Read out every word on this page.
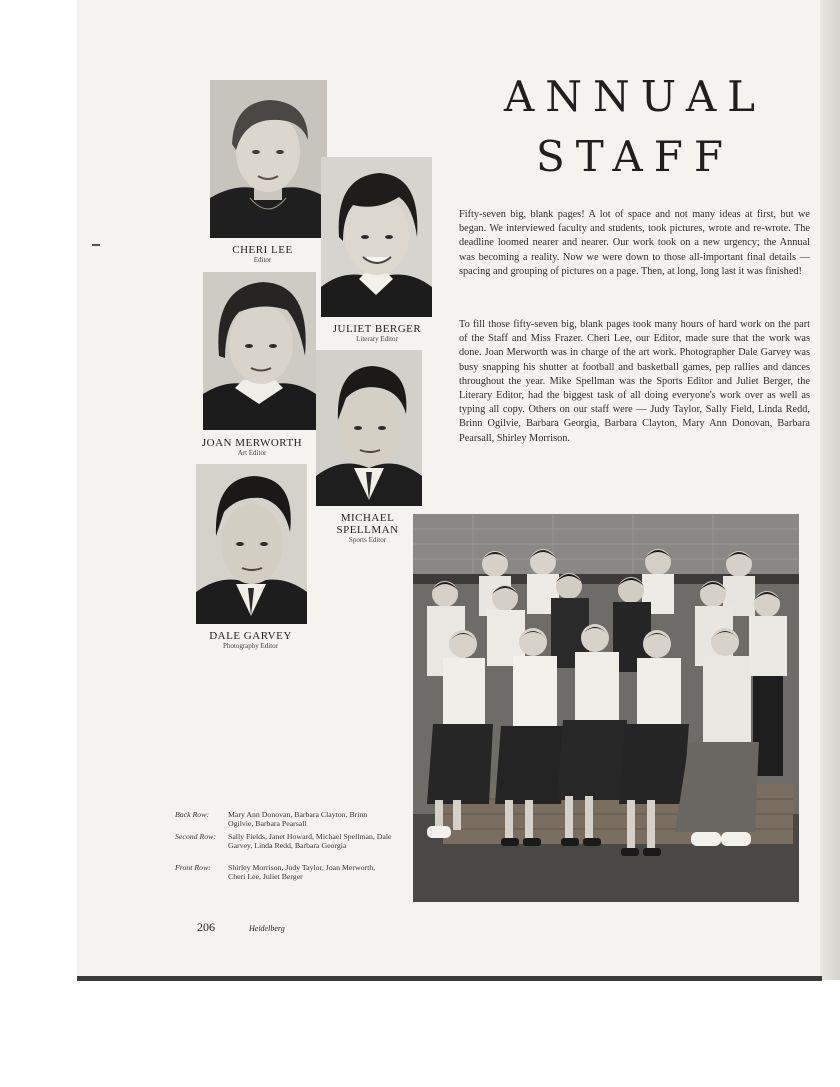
ANNUAL
STAFF

Fifty-seven big, blank pages! A lot of space and not many ideas at first, but we began. We interviewed faculty and students, took pictures, wrote and re-wrote. The deadline loomed nearer and nearer. Our work took on a new urgency; the Annual was becoming a reality. Now we were down to those all-important final details — spacing and grouping of pictures on a page. Then, at long, long last it was finished!

To fill those fifty-seven big, blank pages took many hours of hard work on the part of the Staff and Miss Frazer. Cheri Lee, our Editor, made sure that the work was done. Joan Merworth was in charge of the art work. Photographer Dale Garvey was busy snapping his shutter at football and basketball games, pep rallies and dances throughout the year. Mike Spellman was the Sports Editor and Juliet Berger, the Literary Editor, had the biggest task of all doing everyone's work over as well as typing all copy. Others on our staff were — Judy Taylor, Sally Field, Linda Redd, Brinn Ogilvie, Barbara Georgia, Barbara Clayton, Mary Ann Donovan, Barbara Pearsall, Shirley Morrison.

CHERI LEE
Editor
JULIET BERGER
Literary Editor
JOAN MERWORTH
Art Editor
MICHAEL
SPELLMAN
Sports Editor
DALE GARVEY
Photography Editor
Back Row: Mary Ann Donovan, Barbara Clayton, Brinn Ogilvie, Barbara Pearsall
Second Row: Sally Fields, Janet Howard, Michael Spellman, Dale Garvey, Linda Redd, Barbara Georgia
Front Row: Shirley Morrison, Judy Taylor, Joan Merworth, Cheri Lee, Juliet Berger
206	Heidelberg
